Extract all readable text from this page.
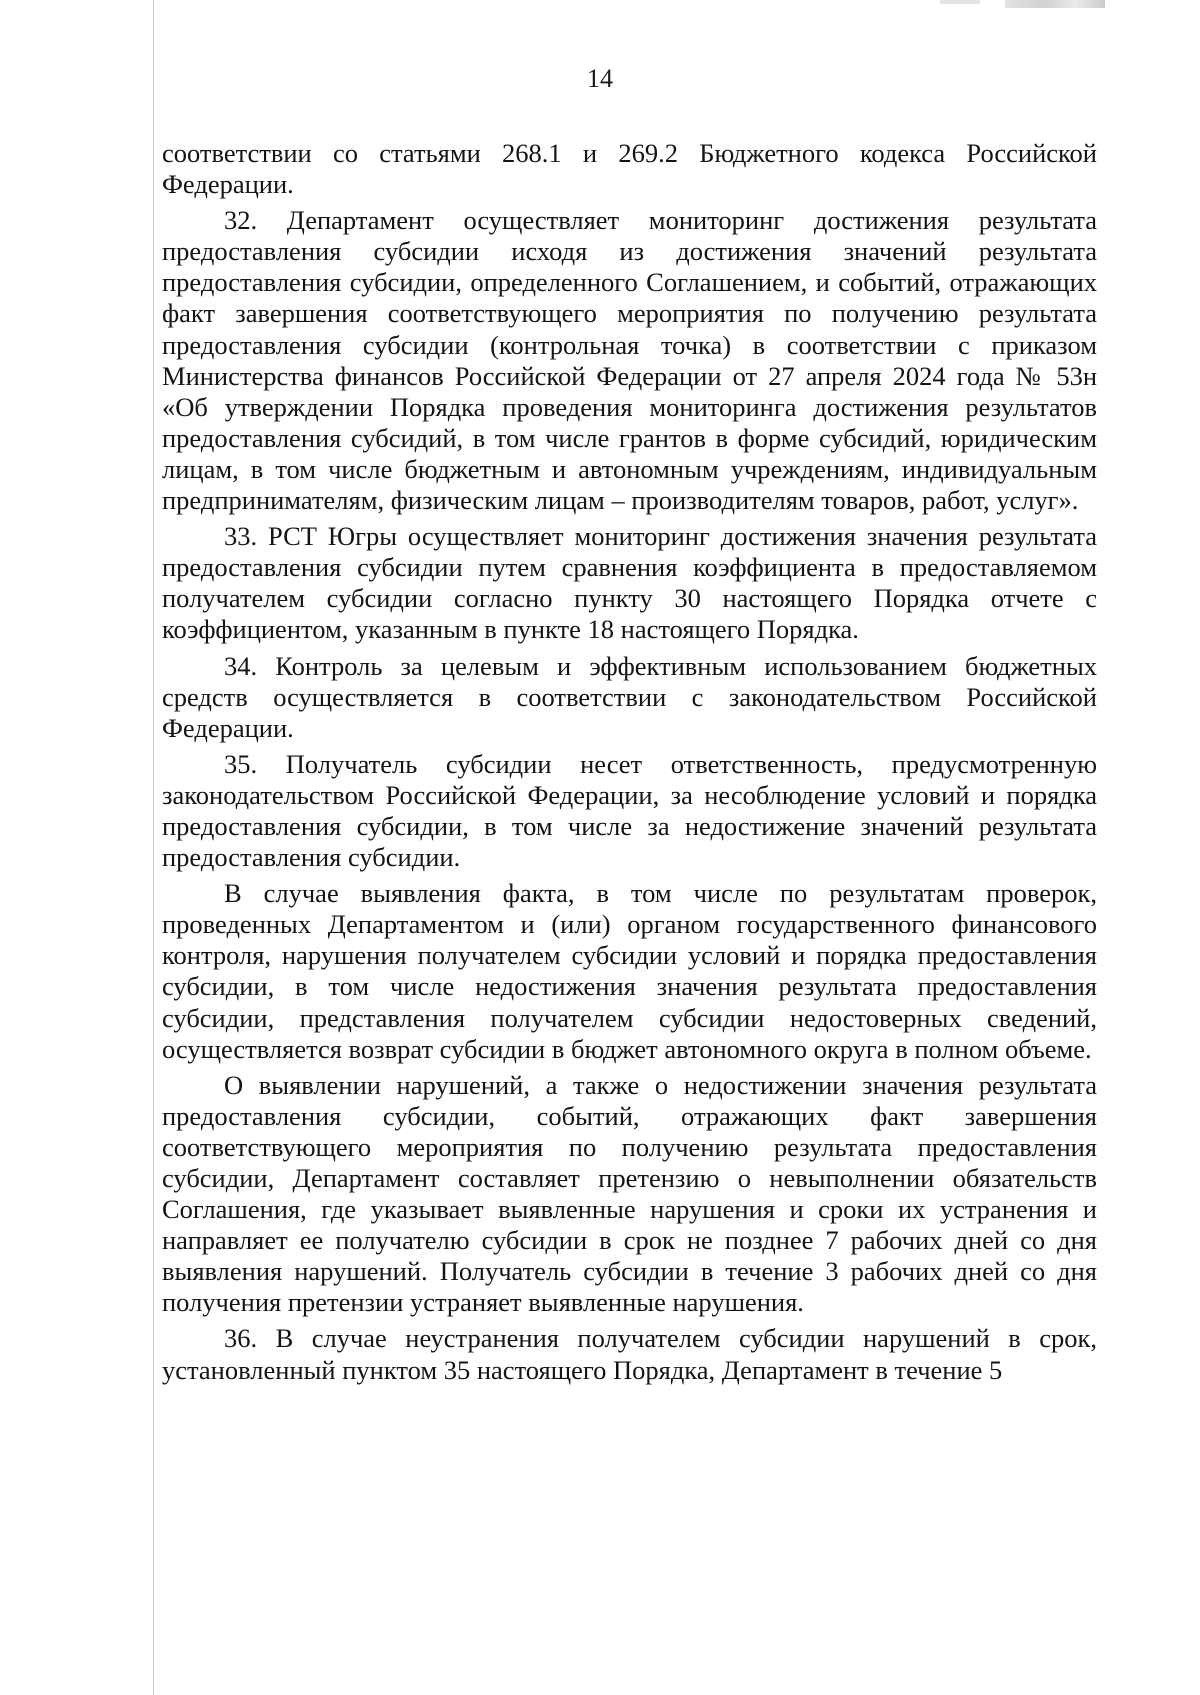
14

соответствии со статьями 268.1 и 269.2 Бюджетного кодекса Российской Федерации.

32. Департамент осуществляет мониторинг достижения результата предоставления субсидии исходя из достижения значений результата предоставления субсидии, определенного Соглашением, и событий, отражающих факт завершения соответствующего мероприятия по получению результата предоставления субсидии (контрольная точка) в соответствии с приказом Министерства финансов Российской Федерации от 27 апреля 2024 года № 53н «Об утверждении Порядка проведения мониторинга достижения результатов предоставления субсидий, в том числе грантов в форме субсидий, юридическим лицам, в том числе бюджетным и автономным учреждениям, индивидуальным предпринимателям, физическим лицам – производителям товаров, работ, услуг».

33. РСТ Югры осуществляет мониторинг достижения значения результата предоставления субсидии путем сравнения коэффициента в предоставляемом получателем субсидии согласно пункту 30 настоящего Порядка отчете с коэффициентом, указанным в пункте 18 настоящего Порядка.

34. Контроль за целевым и эффективным использованием бюджетных средств осуществляется в соответствии с законодательством Российской Федерации.

35. Получатель субсидии несет ответственность, предусмотренную законодательством Российской Федерации, за несоблюдение условий и порядка предоставления субсидии, в том числе за недостижение значений результата предоставления субсидии.

В случае выявления факта, в том числе по результатам проверок, проведенных Департаментом и (или) органом государственного финансового контроля, нарушения получателем субсидии условий и порядка предоставления субсидии, в том числе недостижения значения результата предоставления субсидии, представления получателем субсидии недостоверных сведений, осуществляется возврат субсидии в бюджет автономного округа в полном объеме.

О выявлении нарушений, а также о недостижении значения результата предоставления субсидии, событий, отражающих факт завершения соответствующего мероприятия по получению результата предоставления субсидии, Департамент составляет претензию о невыполнении обязательств Соглашения, где указывает выявленные нарушения и сроки их устранения и направляет ее получателю субсидии в срок не позднее 7 рабочих дней со дня выявления нарушений. Получатель субсидии в течение 3 рабочих дней со дня получения претензии устраняет выявленные нарушения.

36. В случае неустранения получателем субсидии нарушений в срок, установленный пунктом 35 настоящего Порядка, Департамент в течение 5
